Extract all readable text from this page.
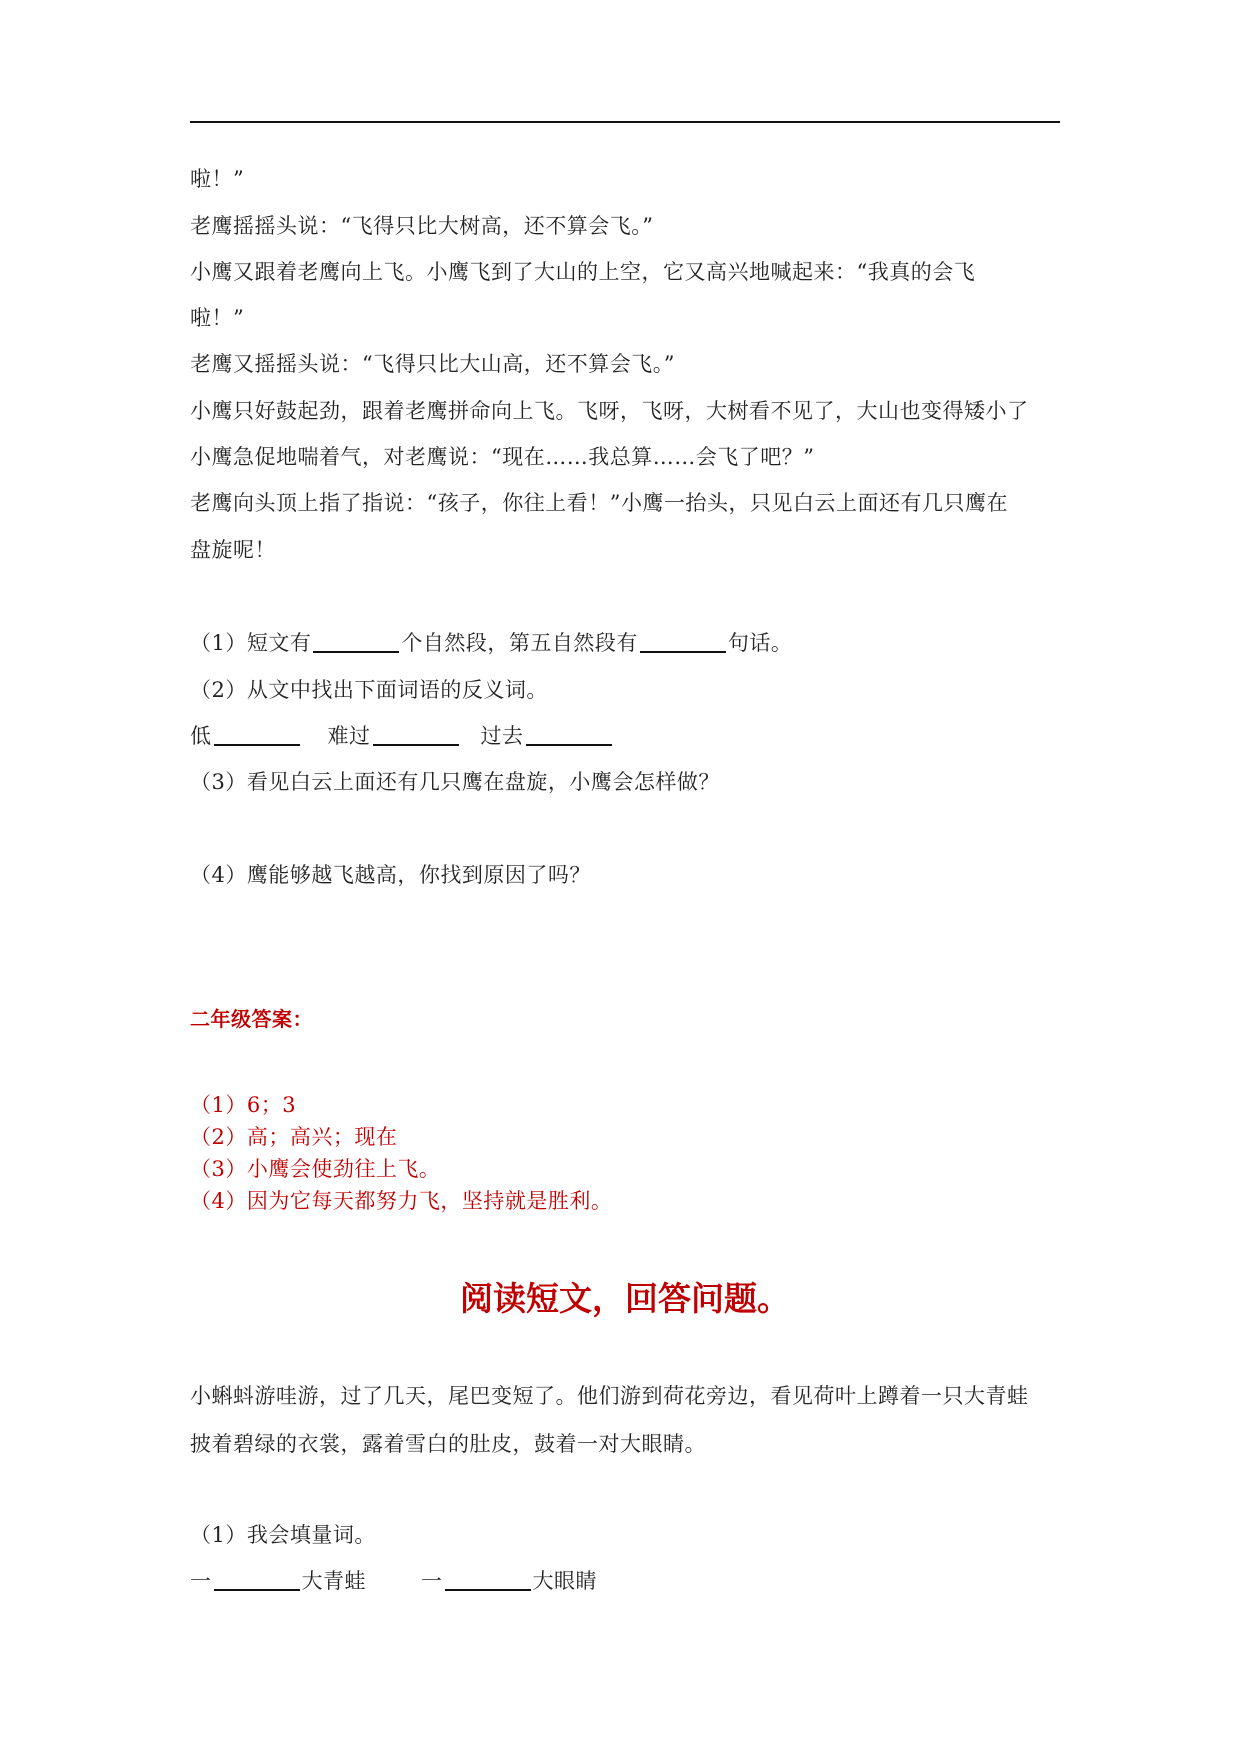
啦！”
老鹰摇摇头说：“飞得只比大树高，还不算会飞。”
小鹰又跟着老鹰向上飞。小鹰飞到了大山的上空，它又高兴地喊起来：“我真的会飞
啦！”
老鹰又摇摇头说：“飞得只比大山高，还不算会飞。”
小鹰只好鼓起劲，跟着老鹰拼命向上飞。飞呀，飞呀，大树看不见了，大山也变得矮小了
小鹰急促地喘着气，对老鹰说：“现在……我总算……会飞了吧？”
老鹰向头顶上指了指说：“孩子，你往上看！”小鹰一抬头，只见白云上面还有几只鹰在
盘旋呢！
（1）短文有	个自然段，第五自然段有	句话。
（2）从文中找出下面词语的反义词。
低	难过	过去
（3）看见白云上面还有几只鹰在盘旋，小鹰会怎样做？
（4）鹰能够越飞越高，你找到原因了吗？
二年级答案：
（1）6；3
（2）高；高兴；现在
（3）小鹰会使劲往上飞。
（4）因为它每天都努力飞，坚持就是胜利。
阅读短文，回答问题。
小蝌蚪游哇游，过了几天，尾巴变短了。他们游到荷花旁边，看见荷叶上蹲着一只大青蛙
披着碧绿的衣裳，露着雪白的肚皮，鼓着一对大眼睛。
（1）我会填量词。
一	大青蛙	一	大眼睛
